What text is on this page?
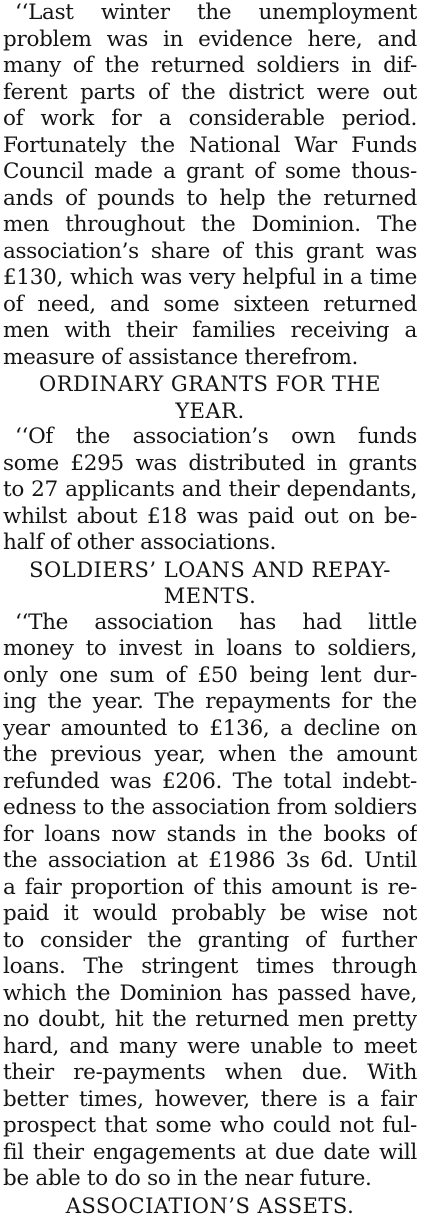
‘‘Last winter the unemployment
problem was in evidence here, and
many of the returned soldiers in dif-
ferent parts of the district were out
of work for a considerable period.
Fortunately the National War Funds
Council made a grant of some thous-
ands of pounds to help the returned
men throughout the Dominion. The
association’s share of this grant was
£130, which was very helpful in a time
of need, and some sixteen returned
men with their families receiving a
measure of assistance therefrom.
ORDINARY GRANTS FOR THE
YEAR.
‘‘Of the association’s own funds
some £295 was distributed in grants
to 27 applicants and their dependants,
whilst about £18 was paid out on be-
half of other associations.
SOLDIERS’ LOANS AND REPAY-
MENTS.
‘‘The association has had little
money to invest in loans to soldiers,
only one sum of £50 being lent dur-
ing the year. The repayments for the
year amounted to £136, a decline on
the previous year, when the amount
refunded was £206. The total indebt-
edness to the association from soldiers
for loans now stands in the books of
the association at £1986 3s 6d. Until
a fair proportion of this amount is re-
paid it would probably be wise not
to consider the granting of further
loans. The stringent times through
which the Dominion has passed have,
no doubt, hit the returned men pretty
hard, and many were unable to meet
their re-payments when due. With
better times, however, there is a fair
prospect that some who could not ful-
fil their engagements at due date will
be able to do so in the near future.
ASSOCIATION’S ASSETS.
